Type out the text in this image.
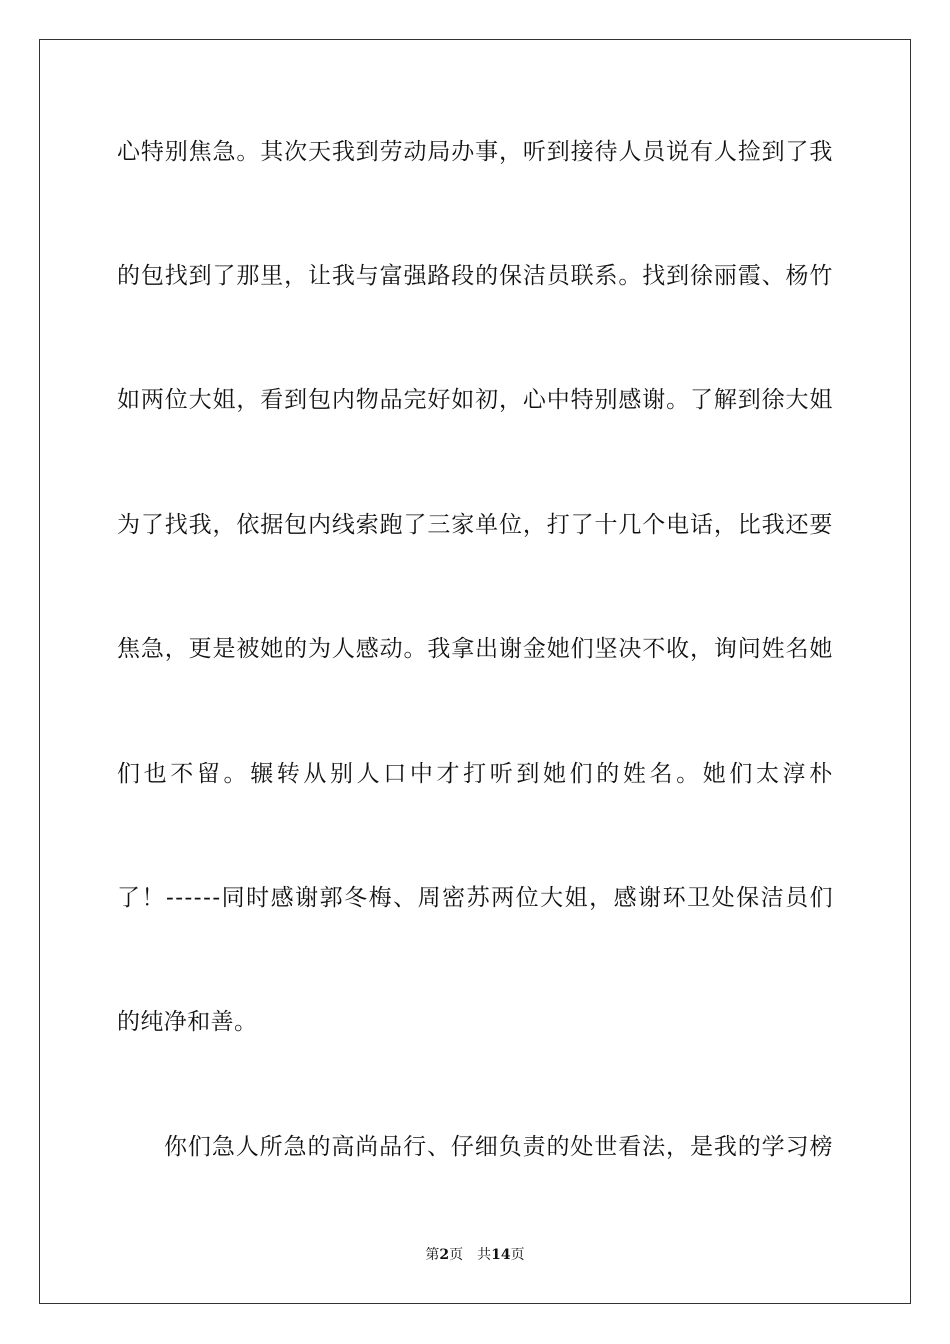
心 特 别 焦 急 。 其 次 天 我 到 劳 动 局 办 事 ， 听 到 接 待 人 员 说 有 人 捡 到 了 我
的 包 找 到 了 那 里 ， 让 我 与 富 强 路 段 的 保 洁 员 联 系 。 找 到 徐 丽 霞 、 杨 竹
如 两 位 大 姐 ， 看 到 包 内 物 品 完 好 如 初 ， 心 中 特 别 感 谢 。 了 解 到 徐 大 姐
为 了 找 我 ， 依 据 包 内 线 索 跑 了 三 家 单 位 ， 打 了 十 几 个 电 话 ， 比 我 还 要
焦 急 ， 更 是 被 她 的 为 人 感 动 。 我 拿 出 谢 金 她 们 坚 决 不 收 ， 询 问 姓 名 她
们 也 不 留 。 辗 转 从 别 人 口 中 才 打 听 到 她 们 的 姓 名 。 她 们 太 淳 朴
了 ！ - - - - - - 同 时 感 谢 郭 冬 梅 、 周 密 苏 两 位 大 姐 ， 感 谢 环 卫 处 保 洁 员 们
的纯净和善。
你 们 急 人 所 急 的 高 尚 品 行 、 仔 细 负 责 的 处 世 看 法 ， 是 我 的 学 习 榜
第2页 共14页
